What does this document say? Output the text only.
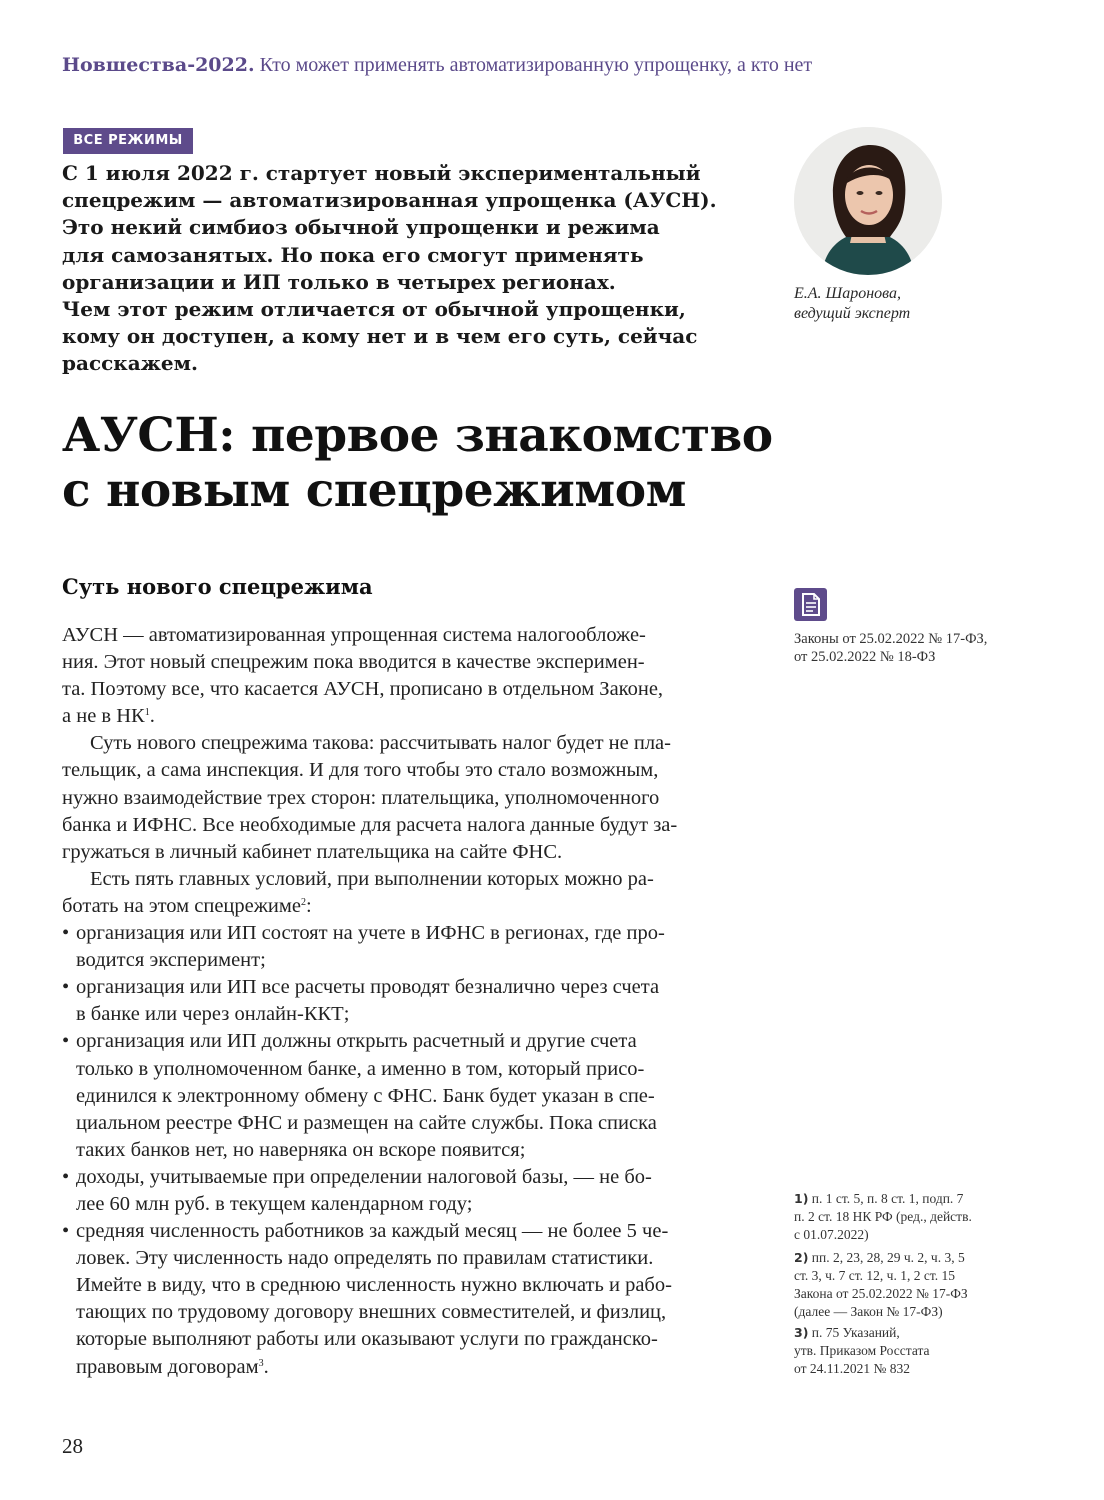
Новшества-2022. Кто может применять автоматизированную упрощенку, а кто нет
ВСЕ РЕЖИМЫ

С 1 июля 2022 г. стартует новый экспериментальный
спецрежим — автоматизированная упрощенка (АУСН).
Это некий симбиоз обычной упрощенки и режима
для самозанятых. Но пока его смогут применять
организации и ИП только в четырех регионах.
Чем этот режим отличается от обычной упрощенки,
кому он доступен, а кому нет и в чем его суть, сейчас
расскажем.

Е.А. Шаронова,
ведущий эксперт
АУСН: первое знакомство
с новым спецрежимом
Суть нового спецрежима
Законы от 25.02.2022 № 17-ФЗ,
от 25.02.2022 № 18-ФЗ
АУСН — автоматизированная упрощенная система налогообложе-
ния. Этот новый спецрежим пока вводится в качестве эксперимен-
та. Поэтому все, что касается АУСН, прописано в отдельном Законе,
а не в $НК^1$.
Суть нового спецрежима такова: рассчитывать налог будет не пла-
тельщик, а сама инспекция. И для того чтобы это стало возможным,
нужно взаимодействие трех сторон: плательщика, уполномоченного
банка и ИФНС. Все необходимые для расчета налога данные будут за-
гружаться в личный кабинет плательщика на сайте ФНС.
Есть пять главных условий, при выполнении которых можно ра-
ботать на этом спецрежиме$^2$:
• организация или ИП состоят на учете в ИФНС в регионах, где про-
водится эксперимент;
• организация или ИП все расчеты проводят безналично через счета
в банке или через онлайн-ККТ;
• организация или ИП должны открыть расчетный и другие счета
только в уполномоченном банке, а именно в том, который присо-
единился к электронному обмену с ФНС. Банк будет указан в спе-
циальном реестре ФНС и размещен на сайте службы. Пока списка
таких банков нет, но наверняка он вскоре появится;
• доходы, учитываемые при определении налоговой базы, — не бо-
лее 60 млн руб. в текущем календарном году;
• средняя численность работников за каждый месяц — не более 5 че-
ловек. Эту численность надо определять по правилам статистики.
Имейте в виду, что в среднюю численность нужно включать и рабо-
тающих по трудовому договору внешних совместителей, и физлиц,
которые выполняют работы или оказывают услуги по гражданско-
правовым договорам$^3$.
1) п. 1 ст. 5, п. 8 ст. 1, подп. 7
п. 2 ст. 18 НК РФ (ред., действ.
с 01.07.2022)
2) пп. 2, 23, 28, 29 ч. 2, ч. 3, 5
ст. 3, ч. 7 ст. 12, ч. 1, 2 ст. 15
Закона от 25.02.2022 № 17-ФЗ
(далее — Закон № 17-ФЗ)
3) п. 75 Указаний,
утв. Приказом Росстата
от 24.11.2021 № 832
28
